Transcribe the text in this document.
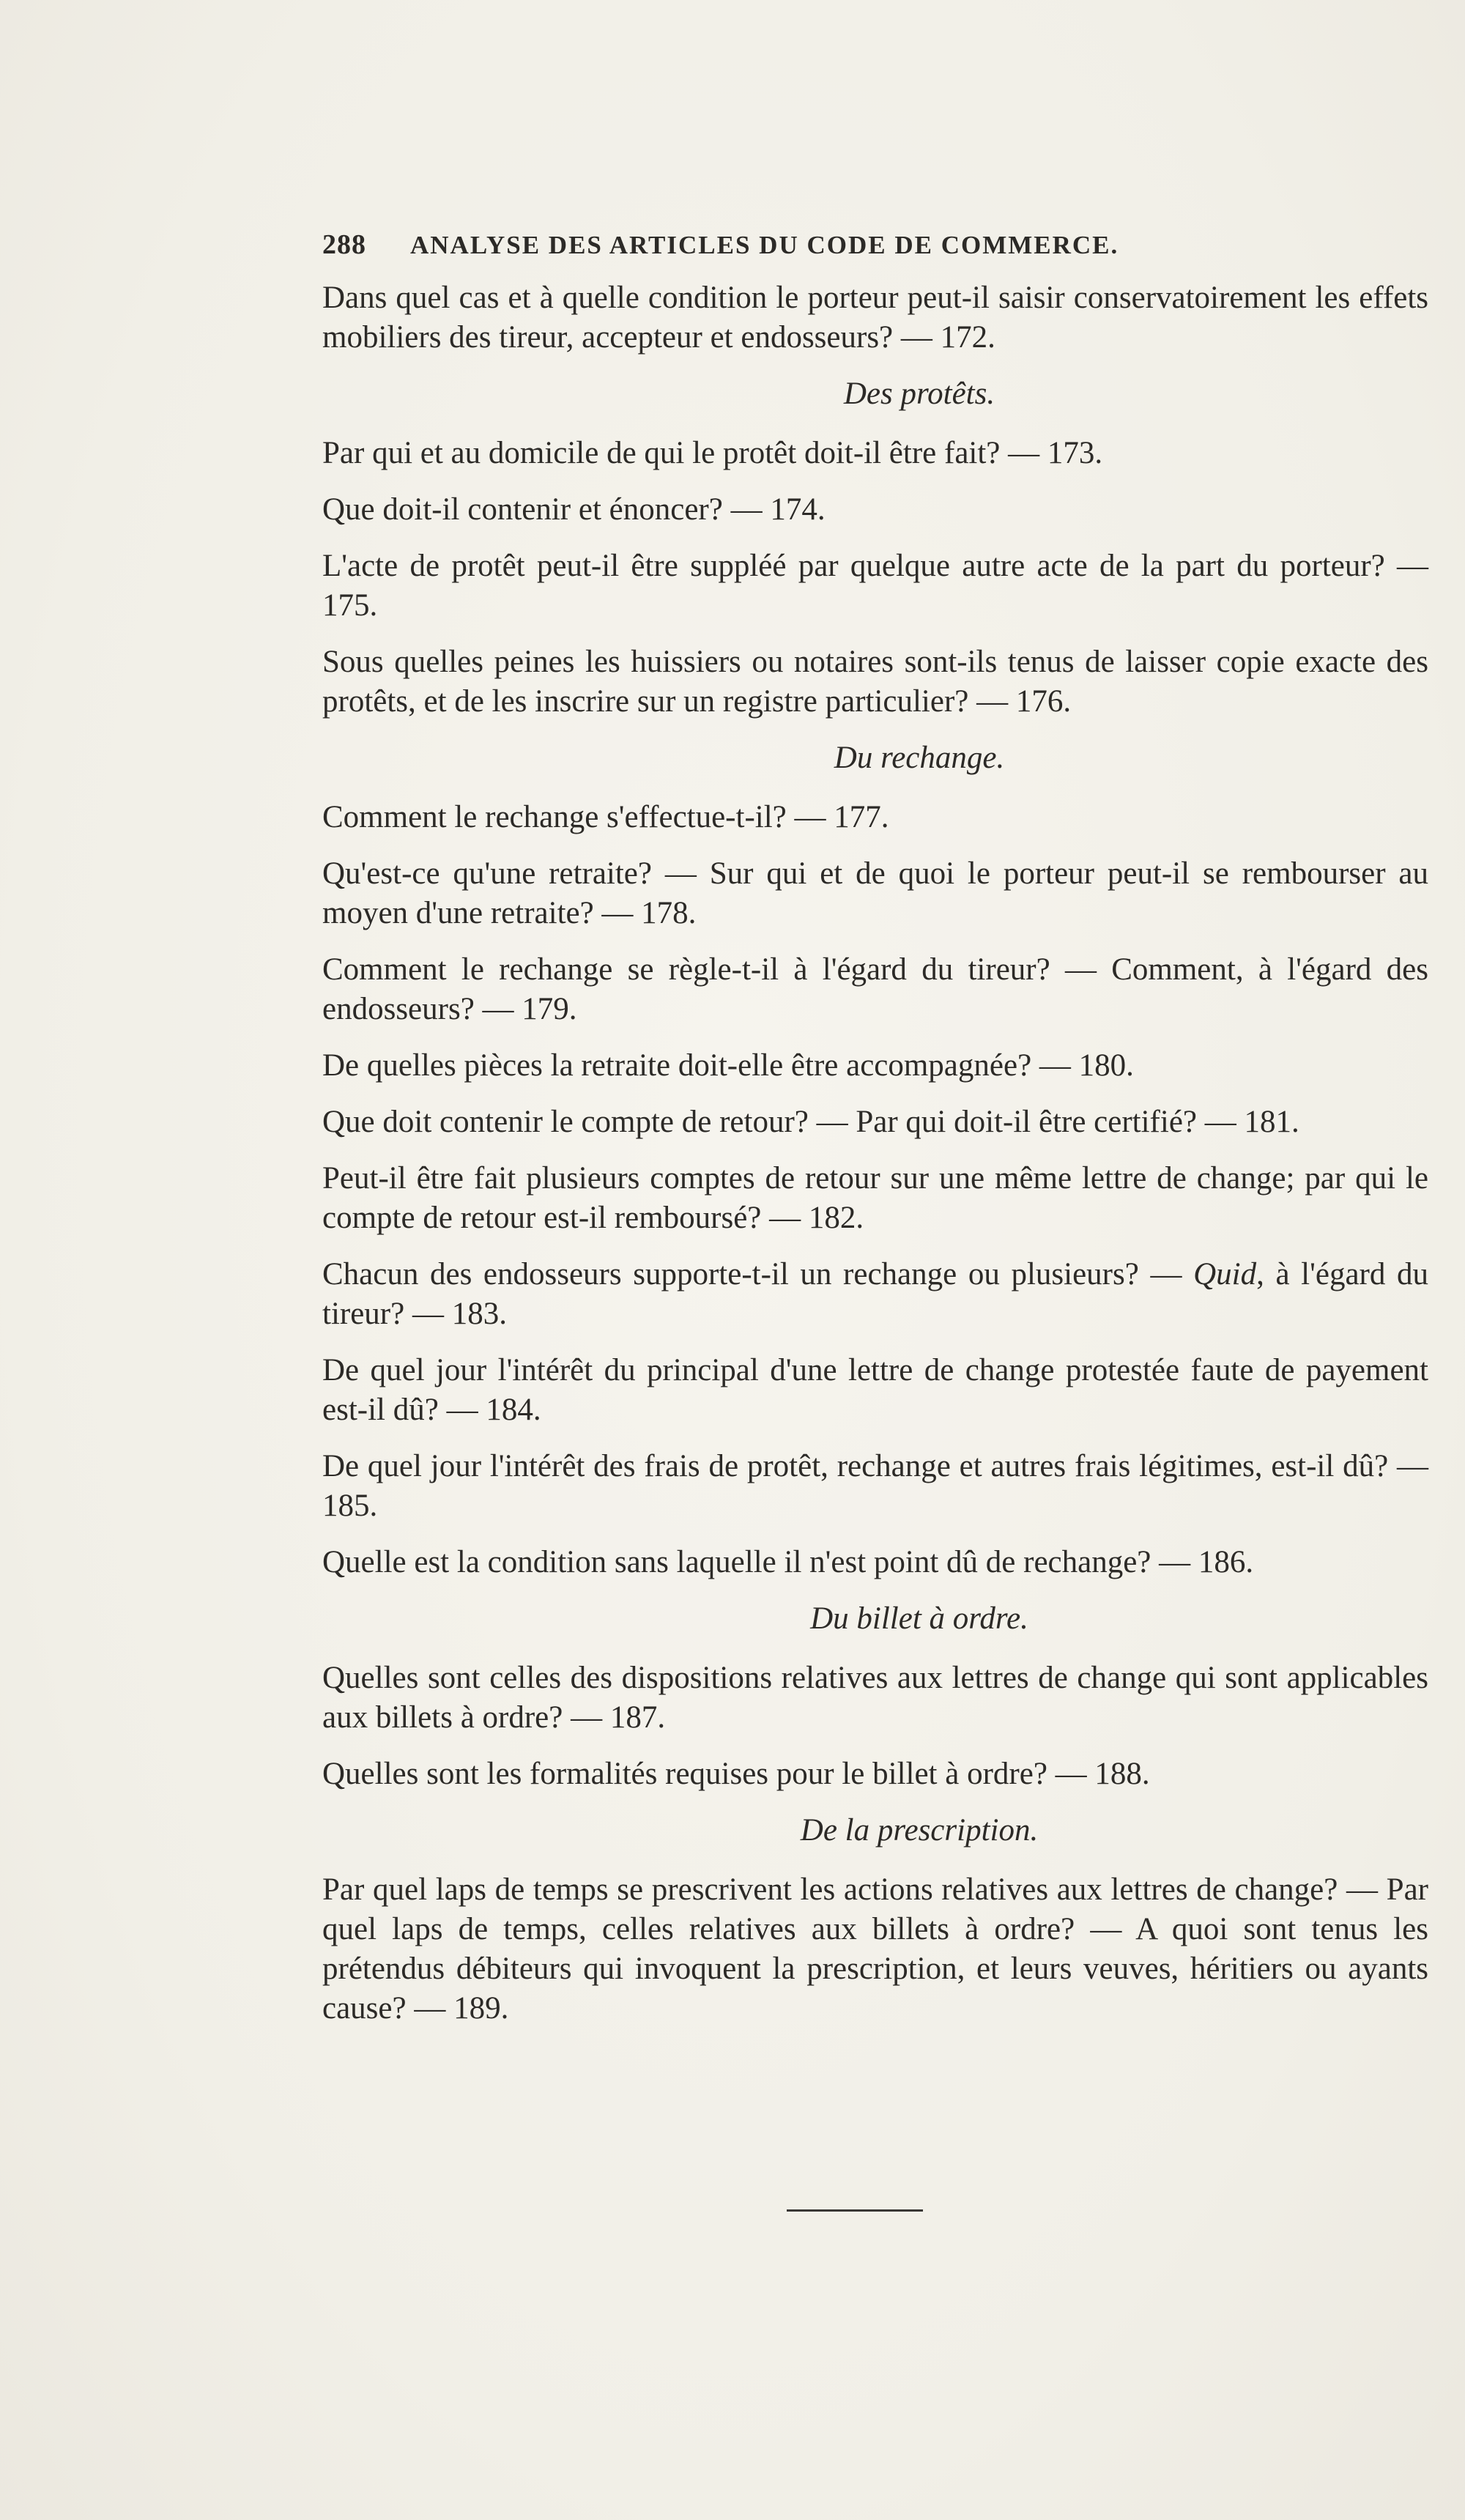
288 ANALYSE DES ARTICLES DU CODE DE COMMERCE.

Dans quel cas et à quelle condition le porteur peut-il saisir conservatoirement les effets mobiliers des tireur, accepteur et endosseurs? — 172.

Des protêts.

Par qui et au domicile de qui le protêt doit-il être fait? — 173.

Que doit-il contenir et énoncer? — 174.

L'acte de protêt peut-il être suppléé par quelque autre acte de la part du porteur? — 175.

Sous quelles peines les huissiers ou notaires sont-ils tenus de laisser copie exacte des protêts, et de les inscrire sur un registre particulier? — 176.

Du rechange.

Comment le rechange s'effectue-t-il? — 177.

Qu'est-ce qu'une retraite? — Sur qui et de quoi le porteur peut-il se rembourser au moyen d'une retraite? — 178.

Comment le rechange se règle-t-il à l'égard du tireur? — Comment, à l'égard des endosseurs? — 179.

De quelles pièces la retraite doit-elle être accompagnée? — 180.

Que doit contenir le compte de retour? — Par qui doit-il être certifié? — 181.

Peut-il être fait plusieurs comptes de retour sur une même lettre de change; par qui le compte de retour est-il remboursé? — 182.

Chacun des endosseurs supporte-t-il un rechange ou plusieurs? — Quid, à l'égard du tireur? — 183.

De quel jour l'intérêt du principal d'une lettre de change protestée faute de payement est-il dû? — 184.

De quel jour l'intérêt des frais de protêt, rechange et autres frais légitimes, est-il dû? — 185.

Quelle est la condition sans laquelle il n'est point dû de rechange? — 186.

Du billet à ordre.

Quelles sont celles des dispositions relatives aux lettres de change qui sont applicables aux billets à ordre? — 187.

Quelles sont les formalités requises pour le billet à ordre? — 188.

De la prescription.

Par quel laps de temps se prescrivent les actions relatives aux lettres de change? — Par quel laps de temps, celles relatives aux billets à ordre? — A quoi sont tenus les prétendus débiteurs qui invoquent la prescription, et leurs veuves, héritiers ou ayants cause? — 189.
